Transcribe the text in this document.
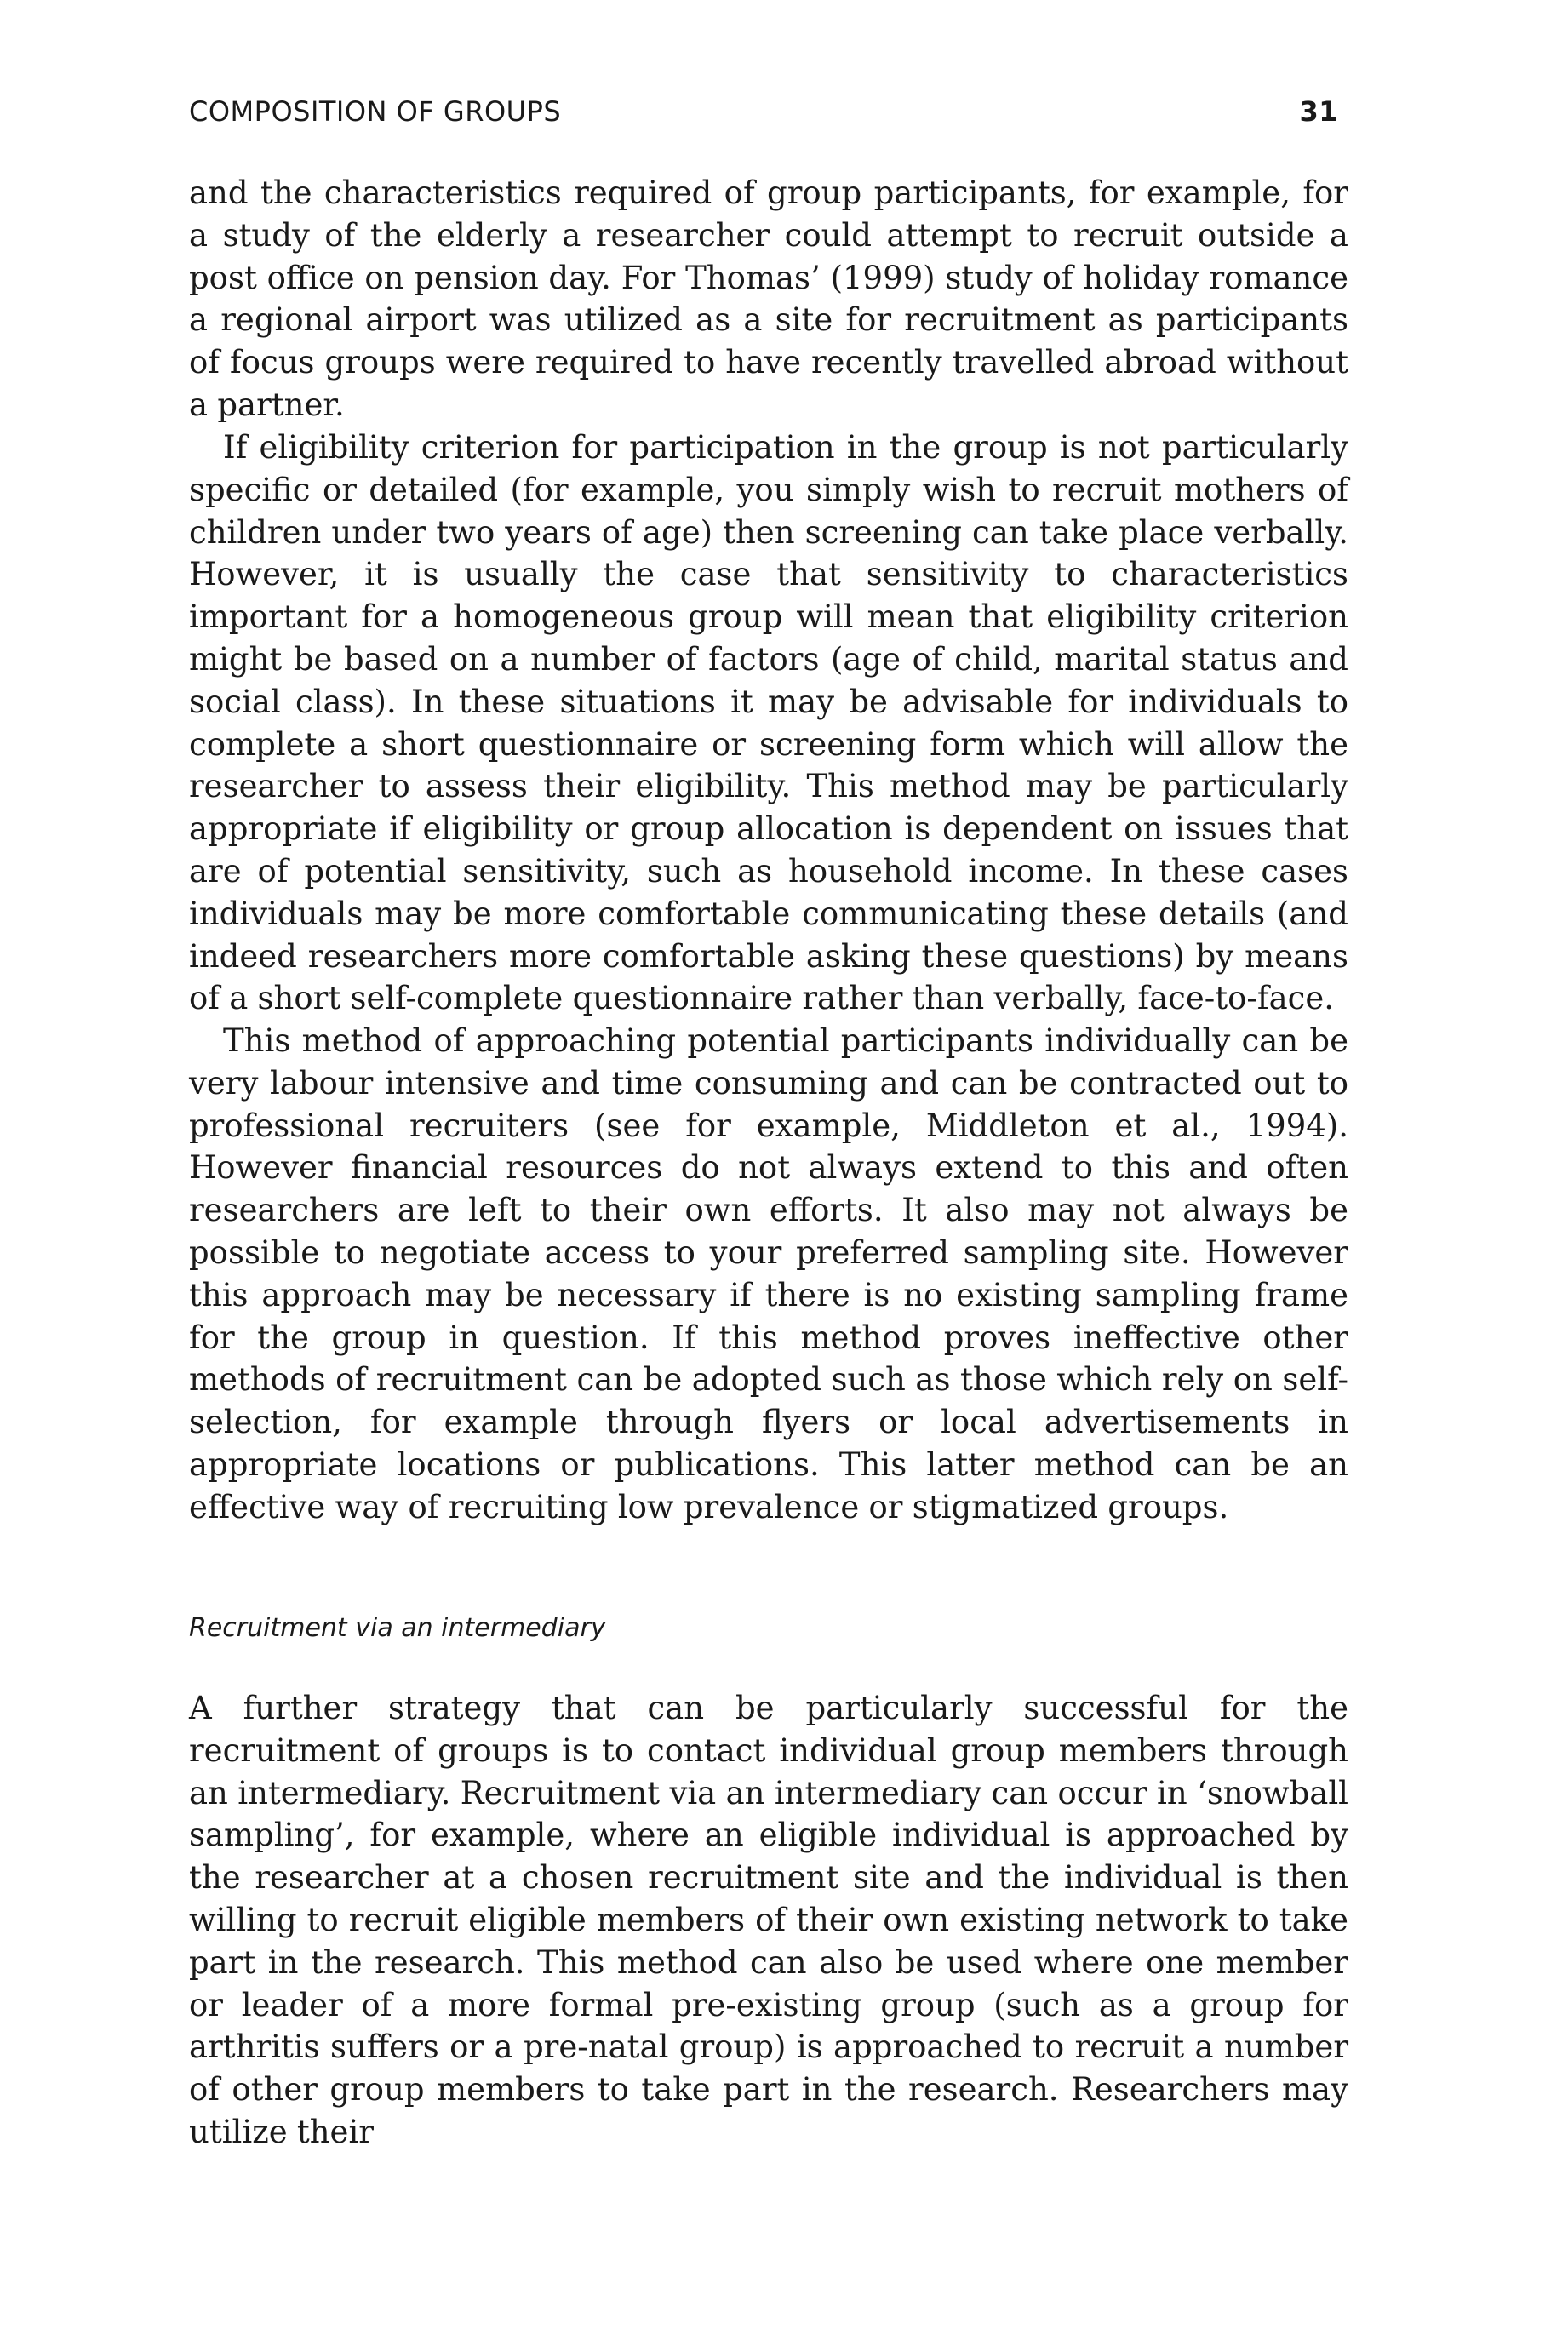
COMPOSITION OF GROUPS	31

and the characteristics required of group participants, for example, for a study of the elderly a researcher could attempt to recruit outside a post office on pension day. For Thomas’ (1999) study of holiday romance a regional airport was utilized as a site for recruitment as participants of focus groups were required to have recently travelled abroad without a partner.

If eligibility criterion for participation in the group is not particularly specific or detailed (for example, you simply wish to recruit mothers of children under two years of age) then screening can take place verbally. However, it is usually the case that sensitivity to characteristics important for a homogeneous group will mean that eligibility criterion might be based on a number of factors (age of child, marital status and social class). In these situations it may be advisable for individuals to complete a short questionnaire or screening form which will allow the researcher to assess their eligibility. This method may be particularly appropriate if eligibility or group allocation is dependent on issues that are of potential sensitivity, such as household income. In these cases individuals may be more comfortable communicating these details (and indeed researchers more comfortable asking these questions) by means of a short self-complete questionnaire rather than verbally, face-to-face.

This method of approaching potential participants individually can be very labour intensive and time consuming and can be contracted out to professional recruiters (see for example, Middleton et al., 1994). However financial resources do not always extend to this and often researchers are left to their own efforts. It also may not always be possible to negotiate access to your preferred sampling site. However this approach may be necessary if there is no existing sampling frame for the group in question. If this method proves ineffective other methods of recruitment can be adopted such as those which rely on self-selection, for example through flyers or local advertisements in appropriate locations or publications. This latter method can be an effective way of recruiting low prevalence or stigmatized groups.

Recruitment via an intermediary

A further strategy that can be particularly successful for the recruitment of groups is to contact individual group members through an intermediary. Recruitment via an intermediary can occur in ‘snowball sampling’, for example, where an eligible individual is approached by the researcher at a chosen recruitment site and the individual is then willing to recruit eligible members of their own existing network to take part in the research. This method can also be used where one member or leader of a more formal pre-existing group (such as a group for arthritis suffers or a pre-natal group) is approached to recruit a number of other group members to take part in the research. Researchers may utilize their
